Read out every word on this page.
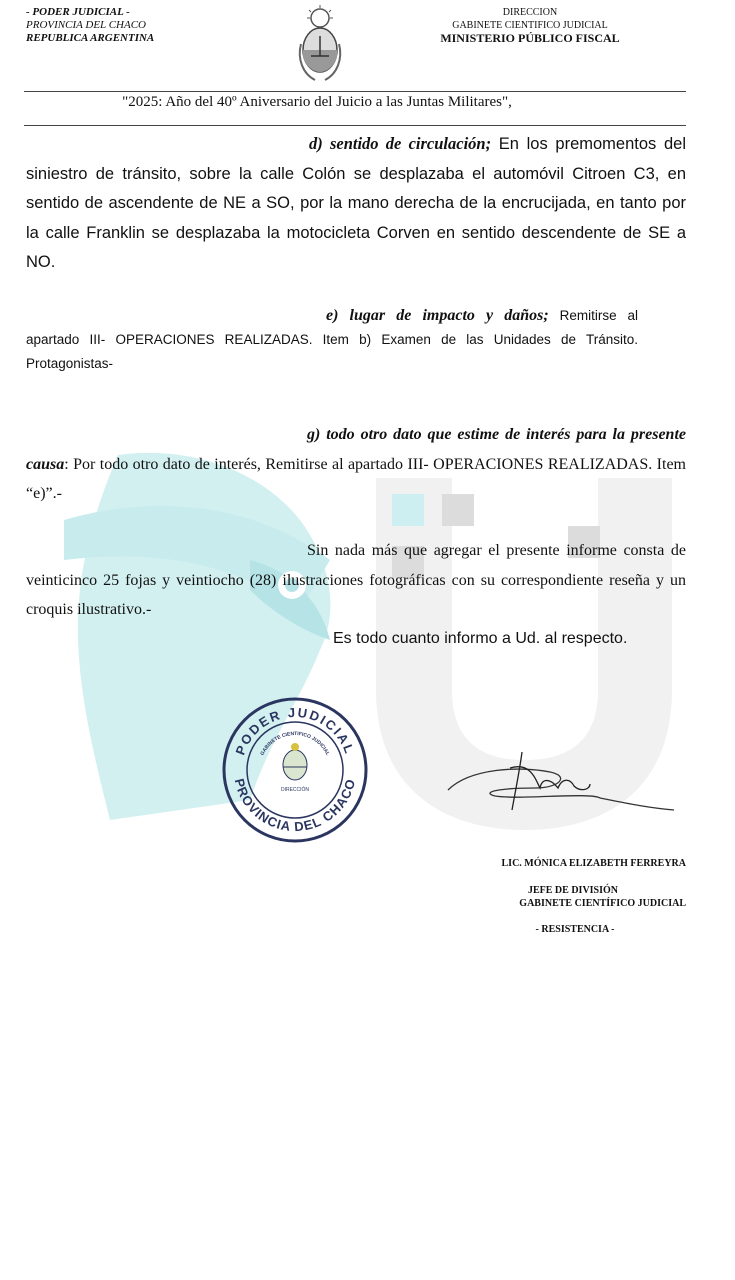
- PODER JUDICIAL -
PROVINCIA DEL CHACO
REPUBLICA ARGENTINA
DIRECCION
GABINETE CIENTIFICO JUDICIAL
MINISTERIO PÚBLICO FISCAL
"2025: Año del 40º Aniversario del Juicio a las Juntas Militares",
d) sentido de circulación; En los premomentos del siniestro de tránsito, sobre la calle Colón se desplazaba el automóvil Citroen C3, en sentido de ascendente de NE a SO, por la mano derecha de la encrucijada, en tanto por la calle Franklin se desplazaba la motocicleta Corven en sentido descendente de SE a NO.
e) lugar de impacto y daños; Remitirse al apartado III- OPERACIONES REALIZADAS. Item b) Examen de las Unidades de Tránsito. Protagonistas-
g) todo otro dato que estime de interés para la presente causa: Por todo otro dato de interés, Remitirse al apartado III- OPERACIONES REALIZADAS. Item “e)”.-
Sin nada más que agregar el presente informe consta de veinticinco 25 fojas y veintiocho (28) ilustraciones fotográficas con su correspondiente reseña y un croquis ilustrativo.-
Es todo cuanto informo a Ud. al respecto.
PODER JUDICIAL
GABINETE CIENTIFICO JUDICIAL
PROVINCIA DEL CHACO
DIRECCIÓN
LIC. MÓNICA ELIZABETH FERREYRA
JEFE DE DIVISIÓN
GABINETE CIENTÍFICO JUDICIAL
- RESISTENCIA -
